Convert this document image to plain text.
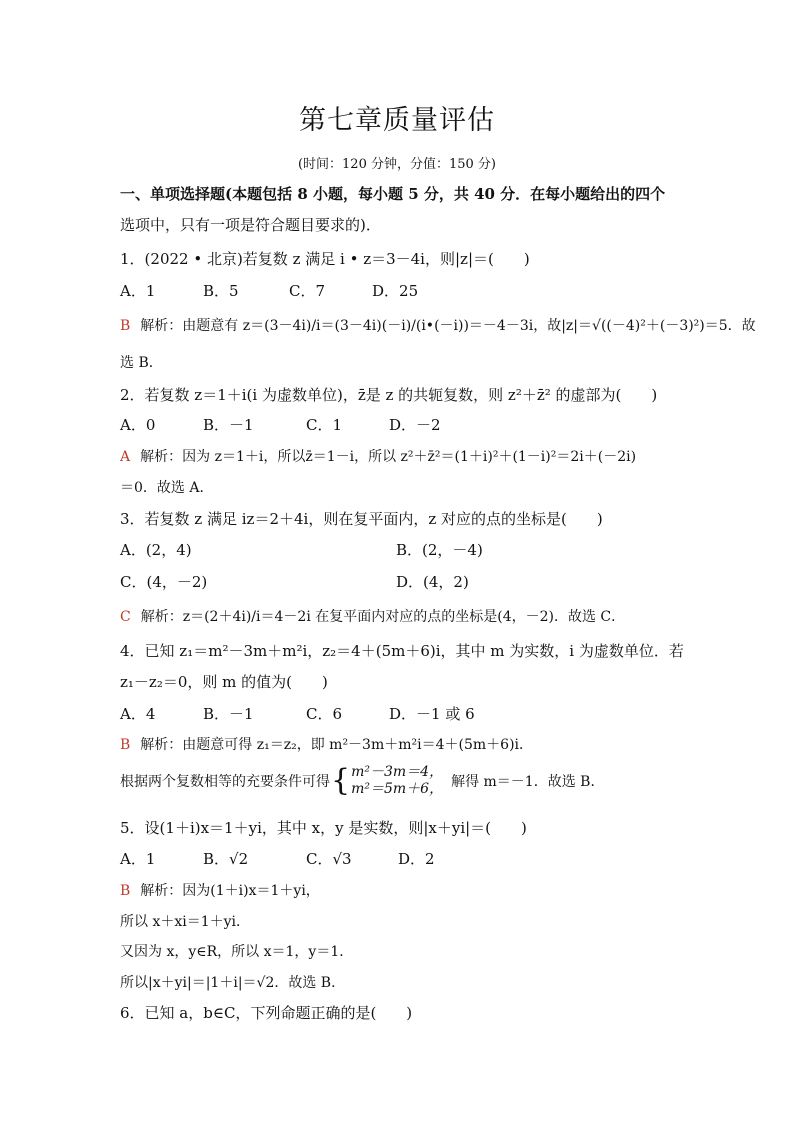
第七章质量评估
(时间：120 分钟，分值：150 分)
一、单项选择题(本题包括 8 小题，每小题 5 分，共 40 分．在每小题给出的四个
选项中，只有一项是符合题目要求的)．
1．(2022 • 北京)若复数 z 满足 i • z＝3－4i，则|z|＝(　　)
A．1	B．5	C．7	D．25
B 解析：由题意有 z＝(3－4i)/i＝(3－4i)(－i)/(i•(－i))＝－4－3i，故|z|＝√((－4)²＋(－3)²)＝5．故
选 B．
2．若复数 z＝1＋i(i 为虚数单位)，z̄是 z 的共轭复数，则 z²＋z̄² 的虚部为(　　)
A．0	B．－1	C．1	D．－2
A 解析：因为 z＝1＋i，所以z̄＝1－i，所以 z²＋z̄²＝(1＋i)²＋(1－i)²＝2i＋(－2i)
＝0．故选 A．
3．若复数 z 满足 iz＝2＋4i，则在复平面内，z 对应的点的坐标是(　　)
A．(2，4)	B．(2，－4)
C．(4，－2)	D．(4，2)
C 解析：z＝(2＋4i)/i＝4－2i 在复平面内对应的点的坐标是(4，－2)．故选 C．
4．已知 z₁＝m²－3m＋m²i，z₂＝4＋(5m＋6)i，其中 m 为实数，i 为虚数单位．若
z₁－z₂＝0，则 m 的值为(　　)
A．4	B．－1	C．6	D．－1 或 6
B 解析：由题意可得 z₁＝z₂，即 m²－3m＋m²i＝4＋(5m＋6)i．
根据两个复数相等的充要条件可得 { m²－3m＝4，
m²＝5m＋6， 解得 m＝－1．故选 B．
5．设(1＋i)x＝1＋yi，其中 x，y 是实数，则|x＋yi|＝(　　)
A．1	B．√2	C．√3	D．2
B 解析：因为(1＋i)x＝1＋yi，
所以 x＋xi＝1＋yi．
又因为 x，y∈R，所以 x＝1，y＝1．
所以|x＋yi|＝|1＋i|＝√2．故选 B．
6．已知 a，b∈C，下列命题正确的是(　　)
